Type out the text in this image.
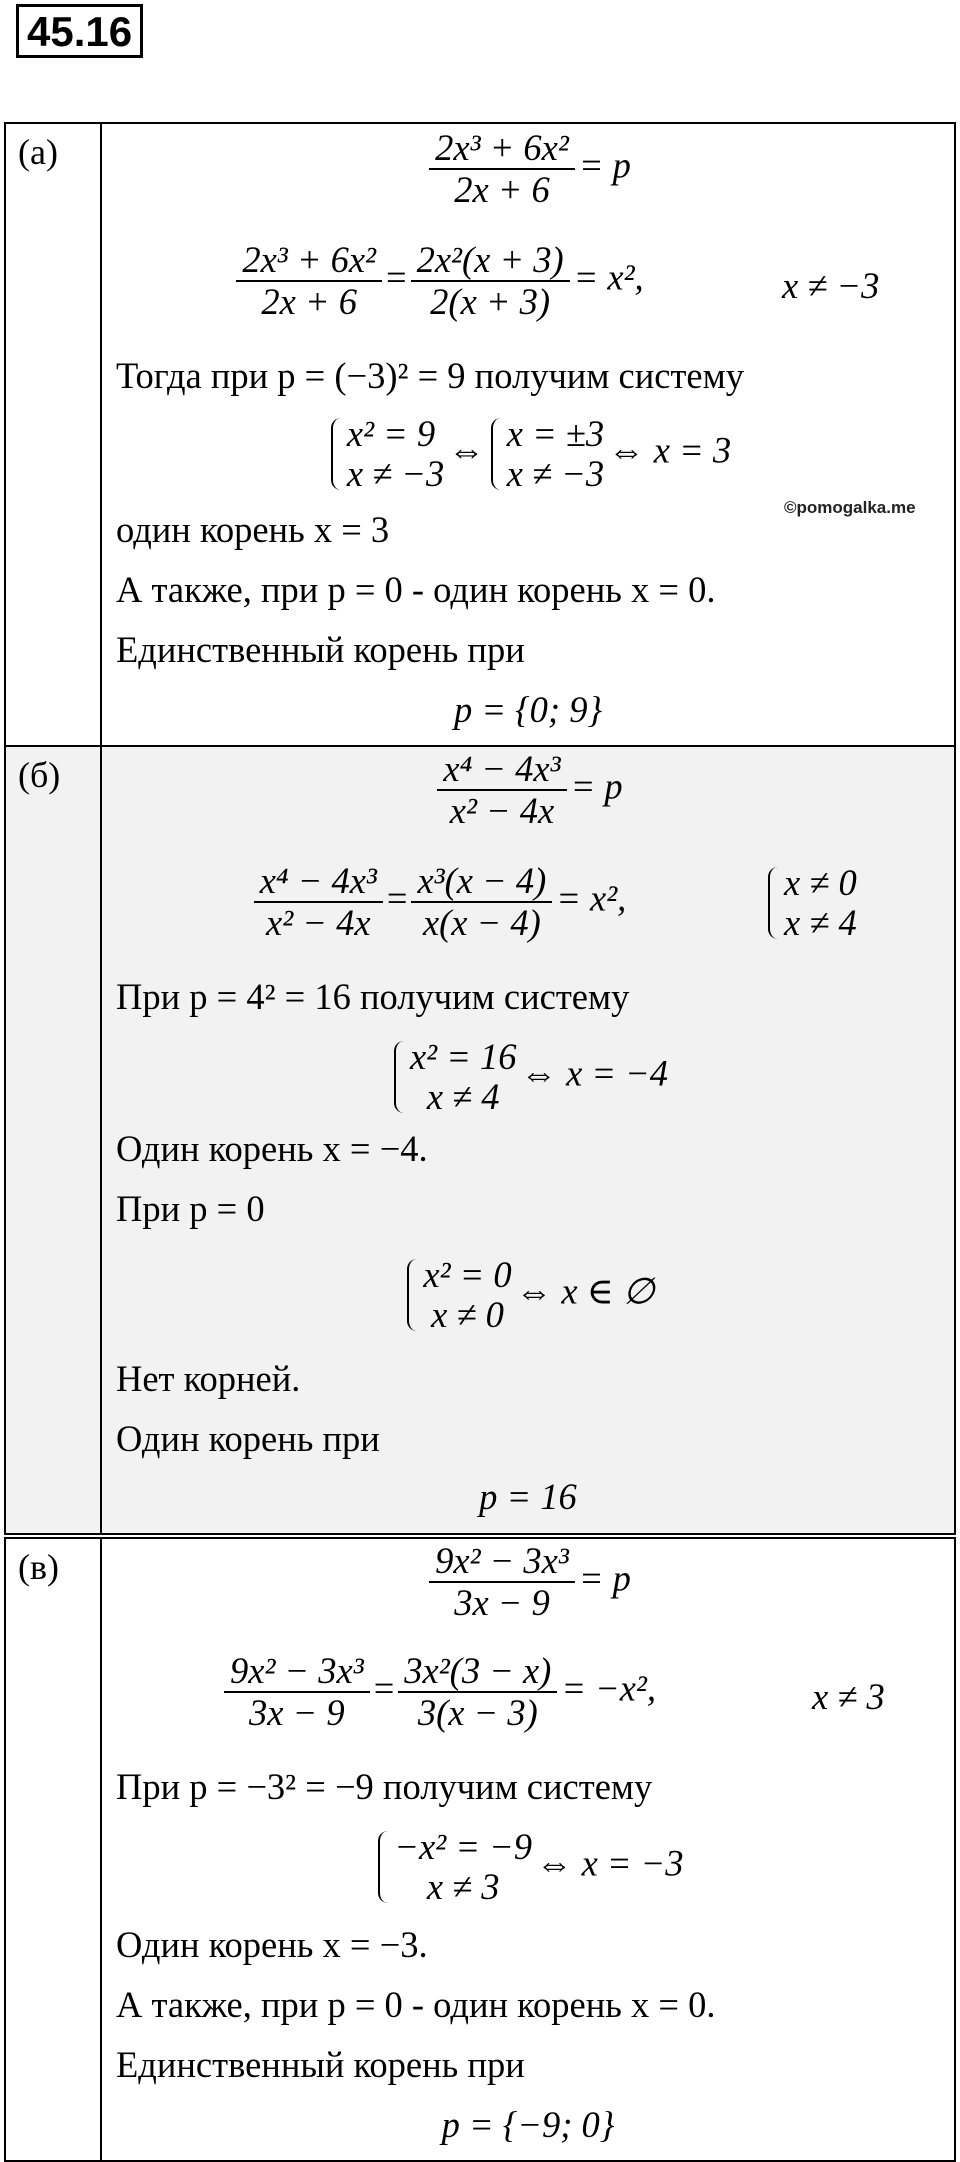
45.16
(а)	$\frac{\text{2x³ + 6x²}}{2x + 6} = p$
$\frac{\text{2x³ + 6x²}}{2x + 6} = \frac{\text{2x²(x + 3)}}{2(x + 3)} = x^2$,	x ≠ −3
Тогда при p = (−3)² = 9 получим систему
x² = 9
x ≠ −3
⇔ x = ±3
x ≠ −3
⇔ x = 3
один корень x = 3
А также, при p = 0 - один корень x = 0.
Единственный корень при
p = {0; 9}
©pomogalka.me
(б)	$\frac{\text{x⁴ − 4x³}}{\text{x² − 4x}} = p$
$\frac{\text{x⁴ − 4x³}}{\text{x² − 4x}} = \frac{\text{x³(x − 4)}}{x(x - 4)} = x^2$,	x ≠ 0
x ≠ 4
При p = 4² = 16 получим систему
x² = 16
x ≠ 4
⇔ x = −4
Один корень x = −4.
При p = 0
x² = 0
x ≠ 0
⇔ x ∈ ∅
Нет корней.
Один корень при
p = 16
(в)	$\frac{\text{9x² − 3x³}}{3x - 9} = p$
$\frac{\text{9x² − 3x³}}{3x - 9} = \frac{\text{3x²(3 − x)}}{3(x - 3)} = -x^2$,	x ≠ 3
При p = −3² = −9 получим систему
−x² = −9
x ≠ 3
⇔ x = −3
Один корень x = −3.
А также, при p = 0 - один корень x = 0.
Единственный корень при
p = {−9; 0}
